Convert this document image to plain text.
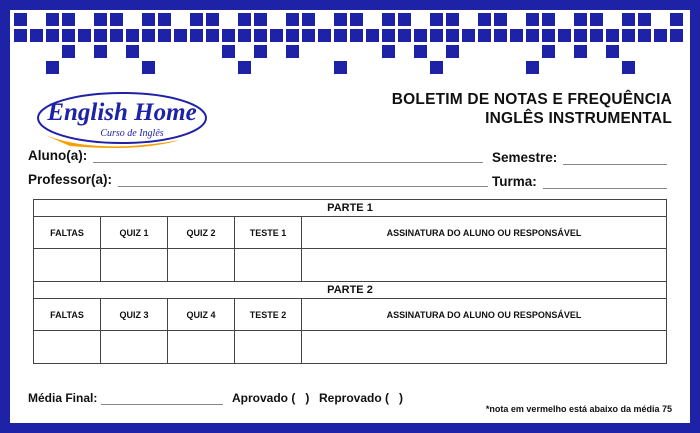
English Home
Curso de Inglês
BOLETIM DE NOTAS E FREQUÊNCIA
INGLÊS INSTRUMENTAL
Aluno(a):
Professor(a):
Semestre:
Turma:
PARTE 1				
FALTAS	QUIZ 1	QUIZ 2	TESTE 1	ASSINATURA DO ALUNO OU RESPONSÁVEL

PARTE 2				
FALTAS	QUIZ 3	QUIZ 4	TESTE 2	ASSINATURA DO ALUNO OU RESPONSÁVEL

Média Final:	Aprovado (   ) Reprovado (   )
*nota em vermelho está abaixo da média 75
